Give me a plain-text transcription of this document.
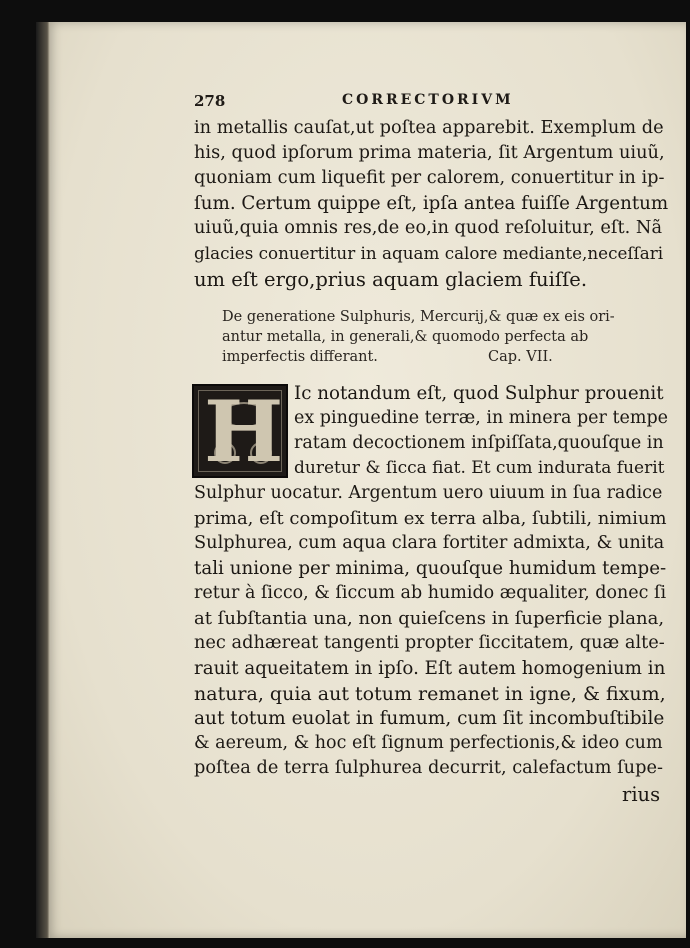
278	CORRECTORIVM
in metallis cauſat,ut poſtea apparebit. Exemplum de
his, quod ipſorum prima materia, ſit Argentum uiuũ,
quoniam cum liquefit per calorem, conuertitur in ip-
ſum. Certum quippe eſt, ipſa antea fuiſſe Argentum
uiuũ,quia omnis res,de eo,in quod reſoluitur, eſt. Nã
glacies conuertitur in aquam calore mediante,neceſſari
um eſt ergo,prius aquam glaciem fuiſſe.
De generatione Sulphuris, Mercurij,& quæ ex eis ori-
antur metalla, in generali,& quomodo perfecta ab
imperfectis differant.	Cap. VII.
H Ic notandum eſt, quod Sulphur prouenit
ex pinguedine terræ, in minera per tempe
ratam decoctionem inſpiſſata,quouſque in
duretur & ſicca fiat. Et cum indurata fuerit
Sulphur uocatur. Argentum uero uiuum in ſua radice
prima, eſt compoſitum ex terra alba, ſubtili, nimium
Sulphurea, cum aqua clara fortiter admixta, & unita
tali unione per minima, quouſque humidum tempe-
retur à ſicco, & ſiccum ab humido æqualiter, donec ſi
at ſubſtantia una, non quieſcens in ſuperficie plana,
nec adhæreat tangenti propter ſiccitatem, quæ alte-
rauit aqueitatem in ipſo. Eſt autem homogenium in
natura, quia aut totum remanet in igne, & fixum,
aut totum euolat in fumum, cum ſit incombuſtibile
& aereum, & hoc eſt ſignum perfectionis,& ideo cum
poſtea de terra ſulphurea decurrit, calefactum ſupe-
rius
